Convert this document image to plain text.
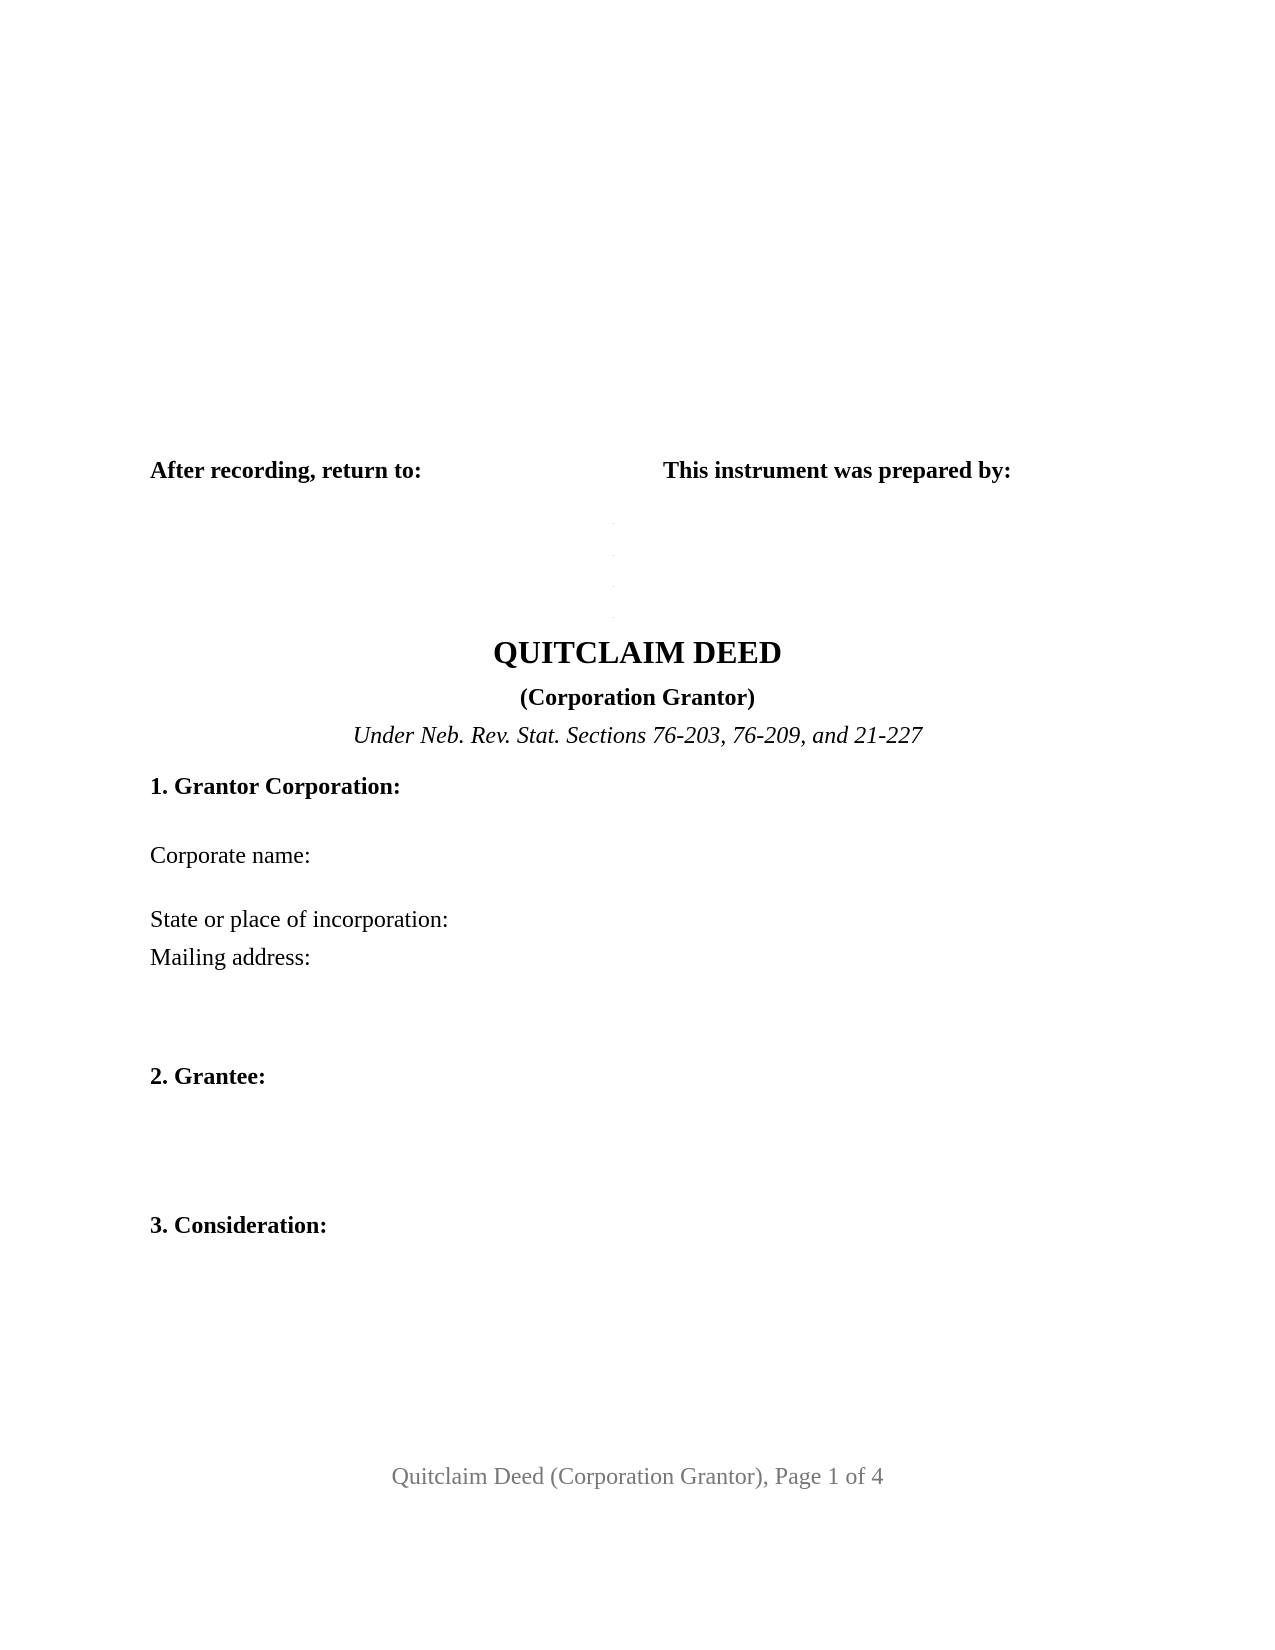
After recording, return to:	This instrument was prepared by:
QUITCLAIM DEED
(Corporation Grantor)
Under Neb. Rev. Stat. Sections 76-203, 76-209, and 21-227
1. Grantor Corporation:
Corporate name:
State or place of incorporation:
Mailing address:
2. Grantee:
3. Consideration:
Quitclaim Deed (Corporation Grantor), Page 1 of 4
